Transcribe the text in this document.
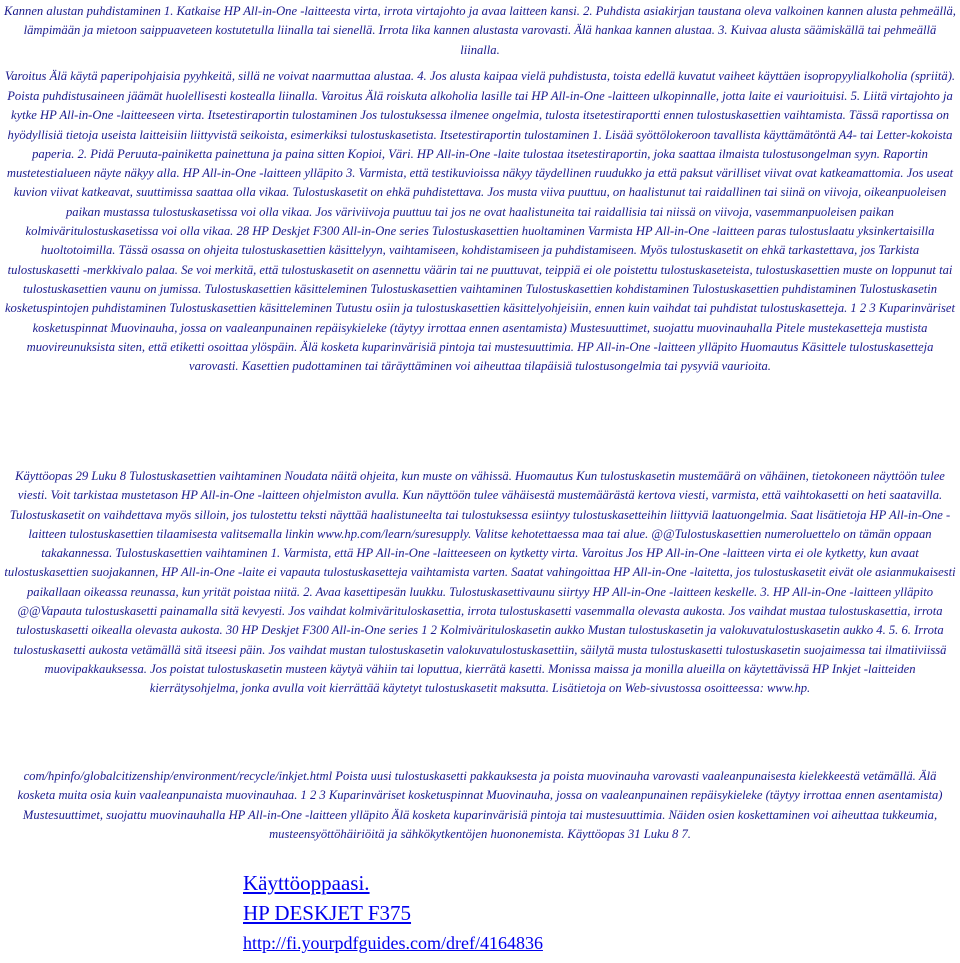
Kannen alustan puhdistaminen 1. Katkaise HP All-in-One -laitteesta virta, irrota virtajohto ja avaa laitteen kansi. 2. Puhdista asiakirjan taustana oleva valkoinen kannen alusta pehmeällä, lämpimään ja mietoon saippuaveteen kostutetulla liinalla tai sienellä. Irrota lika kannen alustasta varovasti. Älä hankaa kannen alustaa. 3. Kuivaa alusta säämiskällä tai pehmeällä liinalla.

Varoitus Älä käytä paperipohjaisia pyyhkeitä, sillä ne voivat naarmuttaa alustaa. 4. Jos alusta kaipaa vielä puhdistusta, toista edellä kuvatut vaiheet käyttäen isopropyylialkoholia (spriitä).

Poista puhdistusaineen jäämät huolellisesti kostealla liinalla. Varoitus Älä roiskuta alkoholia lasille tai HP All-in-One -laitteen ulkopinnalle, jotta laite ei vaurioituisi. 5. Liitä virtajohto ja kytke HP All-in-One -laitteeseen virta. Itsetestiraportin tulostaminen Jos tulostuksessa ilmenee ongelmia, tulosta itsetestiraportti ennen tulostuskasettien vaihtamista. Tässä raportissa on hyödyllisiä tietoja useista laitteisiin liittyvistä seikoista, esimerkiksi tulostuskasetista. Itsetestiraportin tulostaminen 1. Lisää syöttölokeroon tavallista käyttämätöntä A4- tai Letter-kokoista paperia. 2. Pidä Peruuta-painiketta painettuna ja paina sitten Kopioi, Väri. HP All-in-One -laite tulostaa itsetestiraportin, joka saattaa ilmaista tulostusongelman syyn. Raportin mustetestialueen näyte näkyy alla. HP All-in-One -laitteen ylläpito 3. Varmista, että testikuvioissa näkyy täydellinen ruudukko ja että paksut värilliset viivat ovat katkeamattomia. Jos useat kuvion viivat katkeavat, suuttimissa saattaa olla vikaa. Tulostuskasetit on ehkä puhdistettava. Jos musta viiva puuttuu, on haalistunut tai raidallinen tai siinä on viivoja, oikeanpuoleisen paikan mustassa tulostuskasetissa voi olla vikaa. Jos väriviivoja puuttuu tai jos ne ovat haalistuneita tai raidallisia tai niissä on viivoja, vasemmanpuoleisen paikan kolmiväritulostuskasetissa voi olla vikaa. 28 HP Deskjet F300 All-in-One series Tulostuskasettien huoltaminen Varmista HP All-in-One -laitteen paras tulostuslaatu yksinkertaisilla huoltotoimilla. Tässä osassa on ohjeita tulostuskasettien käsittelyyn, vaihtamiseen, kohdistamiseen ja puhdistamiseen. Myös tulostuskasetit on ehkä tarkastettava, jos Tarkista tulostuskasetti -merkkivalo palaa. Se voi merkitä, että tulostuskasetit on asennettu väärin tai ne puuttuvat, teippiä ei ole poistettu tulostuskaseteista, tulostuskasettien muste on loppunut tai tulostuskasettien vaunu on jumissa. Tulostuskasettien käsitteleminen Tulostuskasettien vaihtaminen Tulostuskasettien kohdistaminen Tulostuskasettien puhdistaminen Tulostuskasetin kosketuspintojen puhdistaminen Tulostuskasettien käsitteleminen Tutustu osiin ja tulostuskasettien käsittelyohjeisiin, ennen kuin vaihdat tai puhdistat tulostuskasetteja. 1 2 3 Kuparinväriset kosketuspinnat Muovinauha, jossa on vaaleanpunainen repäisykieleke (täytyy irrottaa ennen asentamista) Mustesuuttimet, suojattu muovinauhalla Pitele mustekasetteja mustista muovireunuksista siten, että etiketti osoittaa ylöspäin. Älä kosketa kuparinvärisiä pintoja tai mustesuuttimia. HP All-in-One -laitteen ylläpito Huomautus Käsittele tulostuskasetteja varovasti. Kasettien pudottaminen tai täräyttäminen voi aiheuttaa tilapäisiä tulostusongelmia tai pysyviä vaurioita.

Käyttöopas 29 Luku 8 Tulostuskasettien vaihtaminen Noudata näitä ohjeita, kun muste on vähissä. Huomautus Kun tulostuskasetin mustemäärä on vähäinen, tietokoneen näyttöön tulee viesti. Voit tarkistaa mustetason HP All-in-One -laitteen ohjelmiston avulla. Kun näyttöön tulee vähäisestä mustemäärästä kertova viesti, varmista, että vaihtokasetti on heti saatavilla. Tulostuskasetit on vaihdettava myös silloin, jos tulostettu teksti näyttää haalistuneelta tai tulostuksessa esiintyy tulostuskasetteihin liittyviä laatuongelmia. Saat lisätietoja HP All-in-One -laitteen tulostuskasettien tilaamisesta valitsemalla linkin www.hp.com/learn/suresupply. Valitse kehotettaessa maa tai alue. @@Tulostuskasettien numeroluettelo on tämän oppaan takakannessa. Tulostuskasettien vaihtaminen 1. Varmista, että HP All-in-One -laitteeseen on kytketty virta. Varoitus Jos HP All-in-One -laitteen virta ei ole kytketty, kun avaat tulostuskasettien suojakannen, HP All-in-One -laite ei vapauta tulostuskasetteja vaihtamista varten. Saatat vahingoittaa HP All-in-One -laitetta, jos tulostuskasetit eivät ole asianmukaisesti paikallaan oikeassa reunassa, kun yrität poistaa niitä. 2. Avaa kasettipesän luukku. Tulostuskasettivaunu siirtyy HP All-in-One -laitteen keskelle. 3. HP All-in-One -laitteen ylläpito @@Vapauta tulostuskasetti painamalla sitä kevyesti. Jos vaihdat kolmivärituloskasettia, irrota tulostuskasetti vasemmalla olevasta aukosta. Jos vaihdat mustaa tulostuskasettia, irrota tulostuskasetti oikealla olevasta aukosta. 30 HP Deskjet F300 All-in-One series 1 2 Kolmivärituloskasetin aukko Mustan tulostuskasetin ja valokuvatulostuskasetin aukko 4. 5. 6. Irrota tulostuskasetti aukosta vetämällä sitä itseesi päin. Jos vaihdat mustan tulostuskasetin valokuvatulostuskasettiin, säilytä musta tulostuskasetti tulostuskasetin suojaimessa tai ilmatiiviissä muovipakkauksessa. Jos poistat tulostuskasetin musteen käytyä vähiin tai loputtua, kierrätä kasetti. Monissa maissa ja monilla alueilla on käytettävissä HP Inkjet -laitteiden kierrätysohjelma, jonka avulla voit kierrättää käytetyt tulostuskasetit maksutta. Lisätietoja on Web-sivustossa osoitteessa: www.hp.

com/hpinfo/globalcitizenship/environment/recycle/inkjet.html Poista uusi tulostuskasetti pakkauksesta ja poista muovinauha varovasti vaaleanpunaisesta kielekkeestä vetämällä. Älä kosketa muita osia kuin vaaleanpunaista muovinauhaa. 1 2 3 Kuparinväriset kosketuspinnat Muovinauha, jossa on vaaleanpunainen repäisykieleke (täytyy irrottaa ennen asentamista) Mustesuuttimet, suojattu muovinauhalla HP All-in-One -laitteen ylläpito Älä kosketa kuparinvärisiä pintoja tai mustesuuttimia. Näiden osien koskettaminen voi aiheuttaa tukkeumia, musteensyöttöhäiriöitä ja sähkökytkentöjen huononemista. Käyttöopas 31 Luku 8 7.

Käyttöoppaasi.
HP DESKJET F375
http://fi.yourpdfguides.com/dref/4164836
